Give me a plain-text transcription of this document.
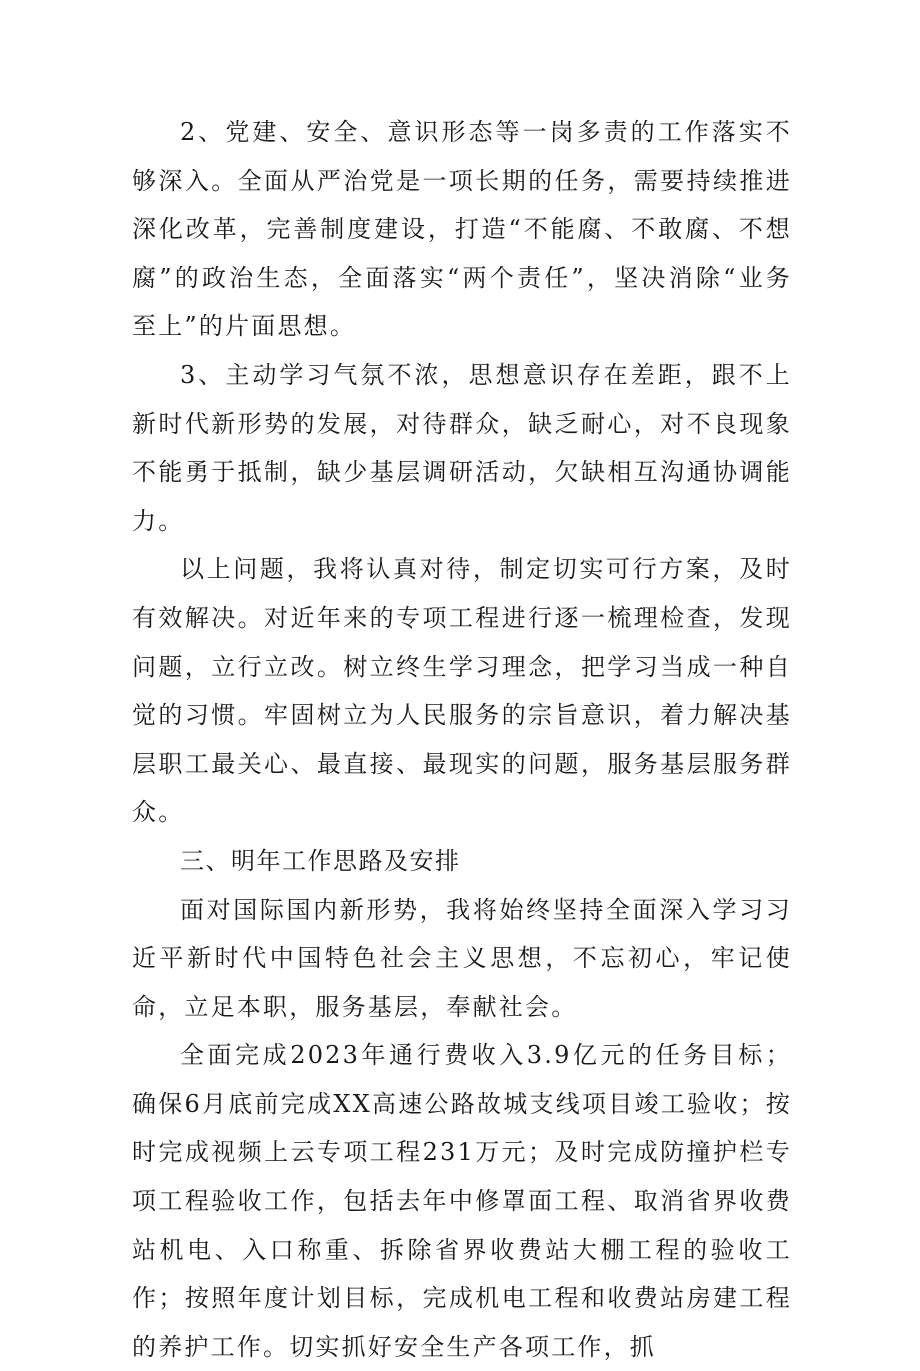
2、党建、安全、意识形态等一岗多责的工作落实不够深入。全面从严治党是一项长期的任务，需要持续推进深化改革，完善制度建设，打造“不能腐、不敢腐、不想腐”的政治生态，全面落实“两个责任”，坚决消除“业务至上”的片面思想。

3、主动学习气氛不浓，思想意识存在差距，跟不上新时代新形势的发展，对待群众，缺乏耐心，对不良现象不能勇于抵制，缺少基层调研活动，欠缺相互沟通协调能力。

以上问题，我将认真对待，制定切实可行方案，及时有效解决。对近年来的专项工程进行逐一梳理检查，发现问题，立行立改。树立终生学习理念，把学习当成一种自觉的习惯。牢固树立为人民服务的宗旨意识，着力解决基层职工最关心、最直接、最现实的问题，服务基层服务群众。

三、明年工作思路及安排

面对国际国内新形势，我将始终坚持全面深入学习习近平新时代中国特色社会主义思想，不忘初心，牢记使命，立足本职，服务基层，奉献社会。

全面完成2023年通行费收入3.9亿元的任务目标；确保6月底前完成XX高速公路故城支线项目竣工验收；按时完成视频上云专项工程231万元；及时完成防撞护栏专项工程验收工作，包括去年中修罩面工程、取消省界收费站机电、入口称重、拆除省界收费站大棚工程的验收工作；按照年度计划目标，完成机电工程和收费站房建工程的养护工作。切实抓好安全生产各项工作，抓
